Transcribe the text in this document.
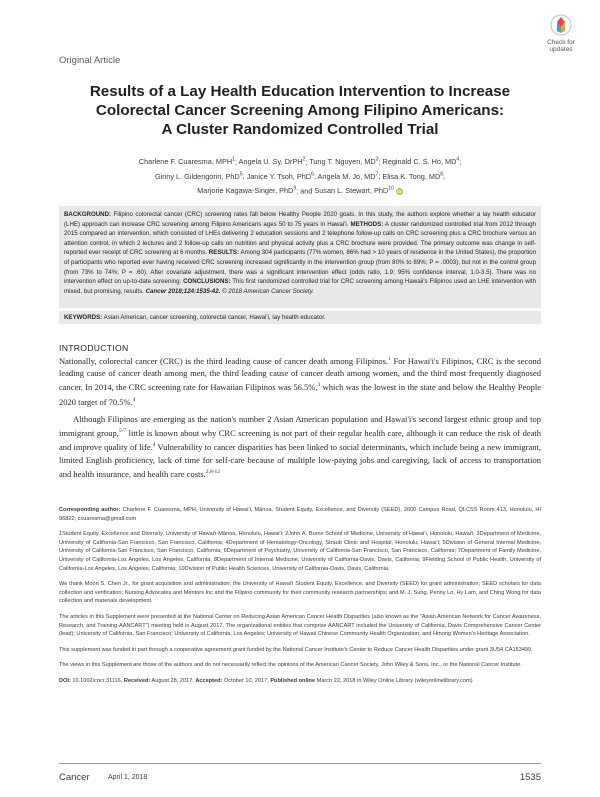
Check for
updates
Original Article
Results of a Lay Health Education Intervention to Increase
Colorectal Cancer Screening Among Filipino Americans:
A Cluster Randomized Controlled Trial
Charlene F. Cuaresma, MPH$^1$; Angela U. Sy, DrPH$^2$; Tung T. Nguyen, $MD^3$; Reginald C. S. Ho, $MD^4$;
Ginny L. Gildengorin, PhD$^5$; Janice Y. Tsoh, PhD$^6$; Angela M. Jo, $MD^7$; Elisa K. Tong, $MD^8$;
Marjorie Kagawa-Singer, PhD$^9$; and Susan L. Stewart, PhD$^{10}$ iD
BACKGROUND: Filipino colorectal cancer (CRC) screening rates fall below Healthy People 2020 goals. In this study, the authors explore whether a lay health educator (LHE) approach can increase CRC screening among Filipino Americans ages 50 to 75 years in Hawai'i. METHODS: A cluster randomized controlled trial from 2012 through 2015 compared an intervention, which consisted of LHEs delivering 2 education sessions and 2 telephone follow-up calls on CRC screening plus a CRC brochure versus an attention control, in which 2 lectures and 2 follow-up calls on nutrition and physical activity plus a CRC brochure were provided. The primary outcome was change in self-reported ever receipt of CRC screening at 6 months. RESULTS: Among 304 participants (77% women, 86% had > 10 years of residence in the United States), the proportion of participants who reported ever having received CRC screening increased significantly in the intervention group (from 80% to 89%; P = .0003), but not in the control group (from 73% to 74%; P = .60). After covariate adjustment, there was a significant intervention effect (odds ratio, 1.9; 95% confidence interval, 1.0-3.5). There was no intervention effect on up-to-date screening. CONCLUSIONS: This first randomized controlled trial for CRC screening among Hawaii's Filipinos used an LHE intervention with mixed, but promising, results. Cancer 2018;124:1535-42. © 2018 American Cancer Society.
KEYWORDS: Asian American, cancer screening, colorectal cancer, Hawai'i, lay health educator.
INTRODUCTION
Nationally, colorectal cancer (CRC) is the third leading cause of cancer death among Filipinos.$^1$ For Hawai'i's Filipinos, CRC is the second leading cause of cancer death among men, the third leading cause of cancer death among women, and the third most frequently diagnosed cancer. In 2014, the CRC screening rate for Hawaiian Filipinos was 56.5%,$^3$ which was the lowest in the state and below the Healthy People 2020 target of 70.5%.$^4$
Although Filipinos are emerging as the nation's number 2 Asian American population and Hawai'i's second largest ethnic group and top immigrant group,$^{5-7}$ little is known about why CRC screening is not part of their regular health care, although it can reduce the risk of death and improve quality of life.$^4$ Vulnerability to cancer disparities has been linked to social determinants, which include being a new immigrant, limited English proficiency, lack of time for self-care because of multiple low-paying jobs and caregiving, lack of access to transportation and health insurance, and health care costs.$^{2,8-12}$

Corresponding author: Charlene F. Cuaresma, MPH, University of Hawai'i, Mānoa, Student Equity, Excellence, and Diversity (SEED), 2600 Campus Road, QLCSS Room 413, Honolulu, HI 96822; ccuaresma@gmail.com

1Student Equity, Excellence and Diversity, University of Hawai'i-Mānoa, Honolulu, Hawai'i; 2John A. Burns School of Medicine, University of Hawai'i, Honolulu, Hawai'i; 3Department of Medicine, University of California-San Francisco, San Francisco, California; 4Department of Hematology-Oncology, Straub Clinic and Hospital, Honolulu, Hawai'i; 5Division of General Internal Medicine, University of California-San Francisco, San Francisco, California; 6Department of Psychiatry, University of California-San Francisco, San Francisco, California; 7Department of Family Medicine, University of California-Los Angeles, Los Angeles, California; 8Department of Internal Medicine, University of California-Davis, Davis, California; 9Fielding School of Public Health, University of California-Los Angeles, Los Angeles, California; 10Division of Public Health Sciences, University of California-Davis, Davis, California.

We thank Moon S. Chen Jr., for grant acquisition and administration; the University of Hawai'i Student Equity, Excellence, and Diversity (SEED) for grant administration; SEED scholars for data collection and verification; Nursing Advocates and Mentors Inc and the Filipino community for their community research partnerships; and M. J. Sung, Penny Lo, Hy Lam, and Ching Wong for data collection and materials development.

The articles in this Supplement were presented at the National Center on Reducing Asian American Cancer Health Disparities (also known as the "Asian American Network for Cancer Awareness, Research, and Training-AANCART") meeting held in August 2017. The organizational entities that comprise AANCART included the University of California, Davis Comprehensive Cancer Center (lead); University of California, San Francisco; University of California, Los Angeles; University of Hawaii Chinese Community Health Organization; and Hmong Women's Heritage Association.

This supplement was funded in part through a cooperative agreement grant funded by the National Cancer Institute's Center to Reduce Cancer Health Disparities under grant 3U54 CA153499.

The views in this Supplement are those of the authors and do not necessarily reflect the opinions of the American Cancer Society, John Wiley & Sons, Inc., or the National Cancer Institute.

DOI: 10.1002/cncr.31116, Received: August 28, 2017, Accepted: October 10, 2017, Published online March 22, 2018 in Wiley Online Library (wileyonlinelibrary.com)

Cancer	April 1, 2018	1535
